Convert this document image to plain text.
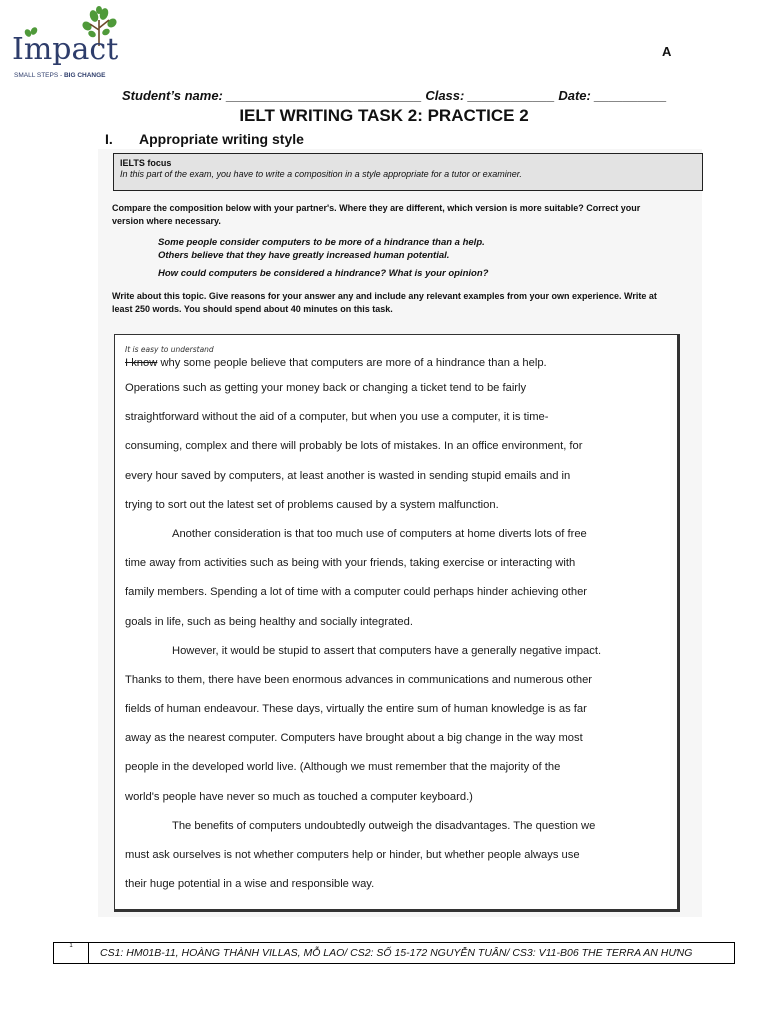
Impact
SMALL STEPS - BIG CHANGE
A
Student’s name: ___________________________ Class: ____________ Date: __________
IELT WRITING TASK 2: PRACTICE 2
I. Appropriate writing style
IELTS focus
In this part of the exam, you have to write a composition in a style appropriate for a tutor or examiner.
Compare the composition below with your partner's. Where they are different, which version is more suitable? Correct your version where necessary.
Some people consider computers to be more of a hindrance than a help.
Others believe that they have greatly increased human potential.
How could computers be considered a hindrance? What is your opinion?
Write about this topic. Give reasons for your answer any and include any relevant examples from your own experience. Write at least 250 words. You should spend about 40 minutes on this task.
It is easy to understand
I know why some people believe that computers are more of a hindrance than a help.
Operations such as getting your money back or changing a ticket tend to be fairly
straightforward without the aid of a computer, but when you use a computer, it is time-
consuming, complex and there will probably be lots of mistakes. In an office environment, for
every hour saved by computers, at least another is wasted in sending stupid emails and in
trying to sort out the latest set of problems caused by a system malfunction.
Another consideration is that too much use of computers at home diverts lots of free
time away from activities such as being with your friends, taking exercise or interacting with
family members. Spending a lot of time with a computer could perhaps hinder achieving other
goals in life, such as being healthy and socially integrated.
However, it would be stupid to assert that computers have a generally negative impact.
Thanks to them, there have been enormous advances in communications and numerous other
fields of human endeavour. These days, virtually the entire sum of human knowledge is as far
away as the nearest computer. Computers have brought about a big change in the way most
people in the developed world live. (Although we must remember that the majority of the
world's people have never so much as touched a computer keyboard.)
The benefits of computers undoubtedly outweigh the disadvantages. The question we
must ask ourselves is not whether computers help or hinder, but whether people always use
their huge potential in a wise and responsible way.
1
CS1: HM01B-11, HOÀNG THÀNH VILLAS, MỖ LAO/ CS2: SỐ 15-172 NGUYỄN TUÂN/ CS3: V11-B06 THE TERRA AN HƯNG
